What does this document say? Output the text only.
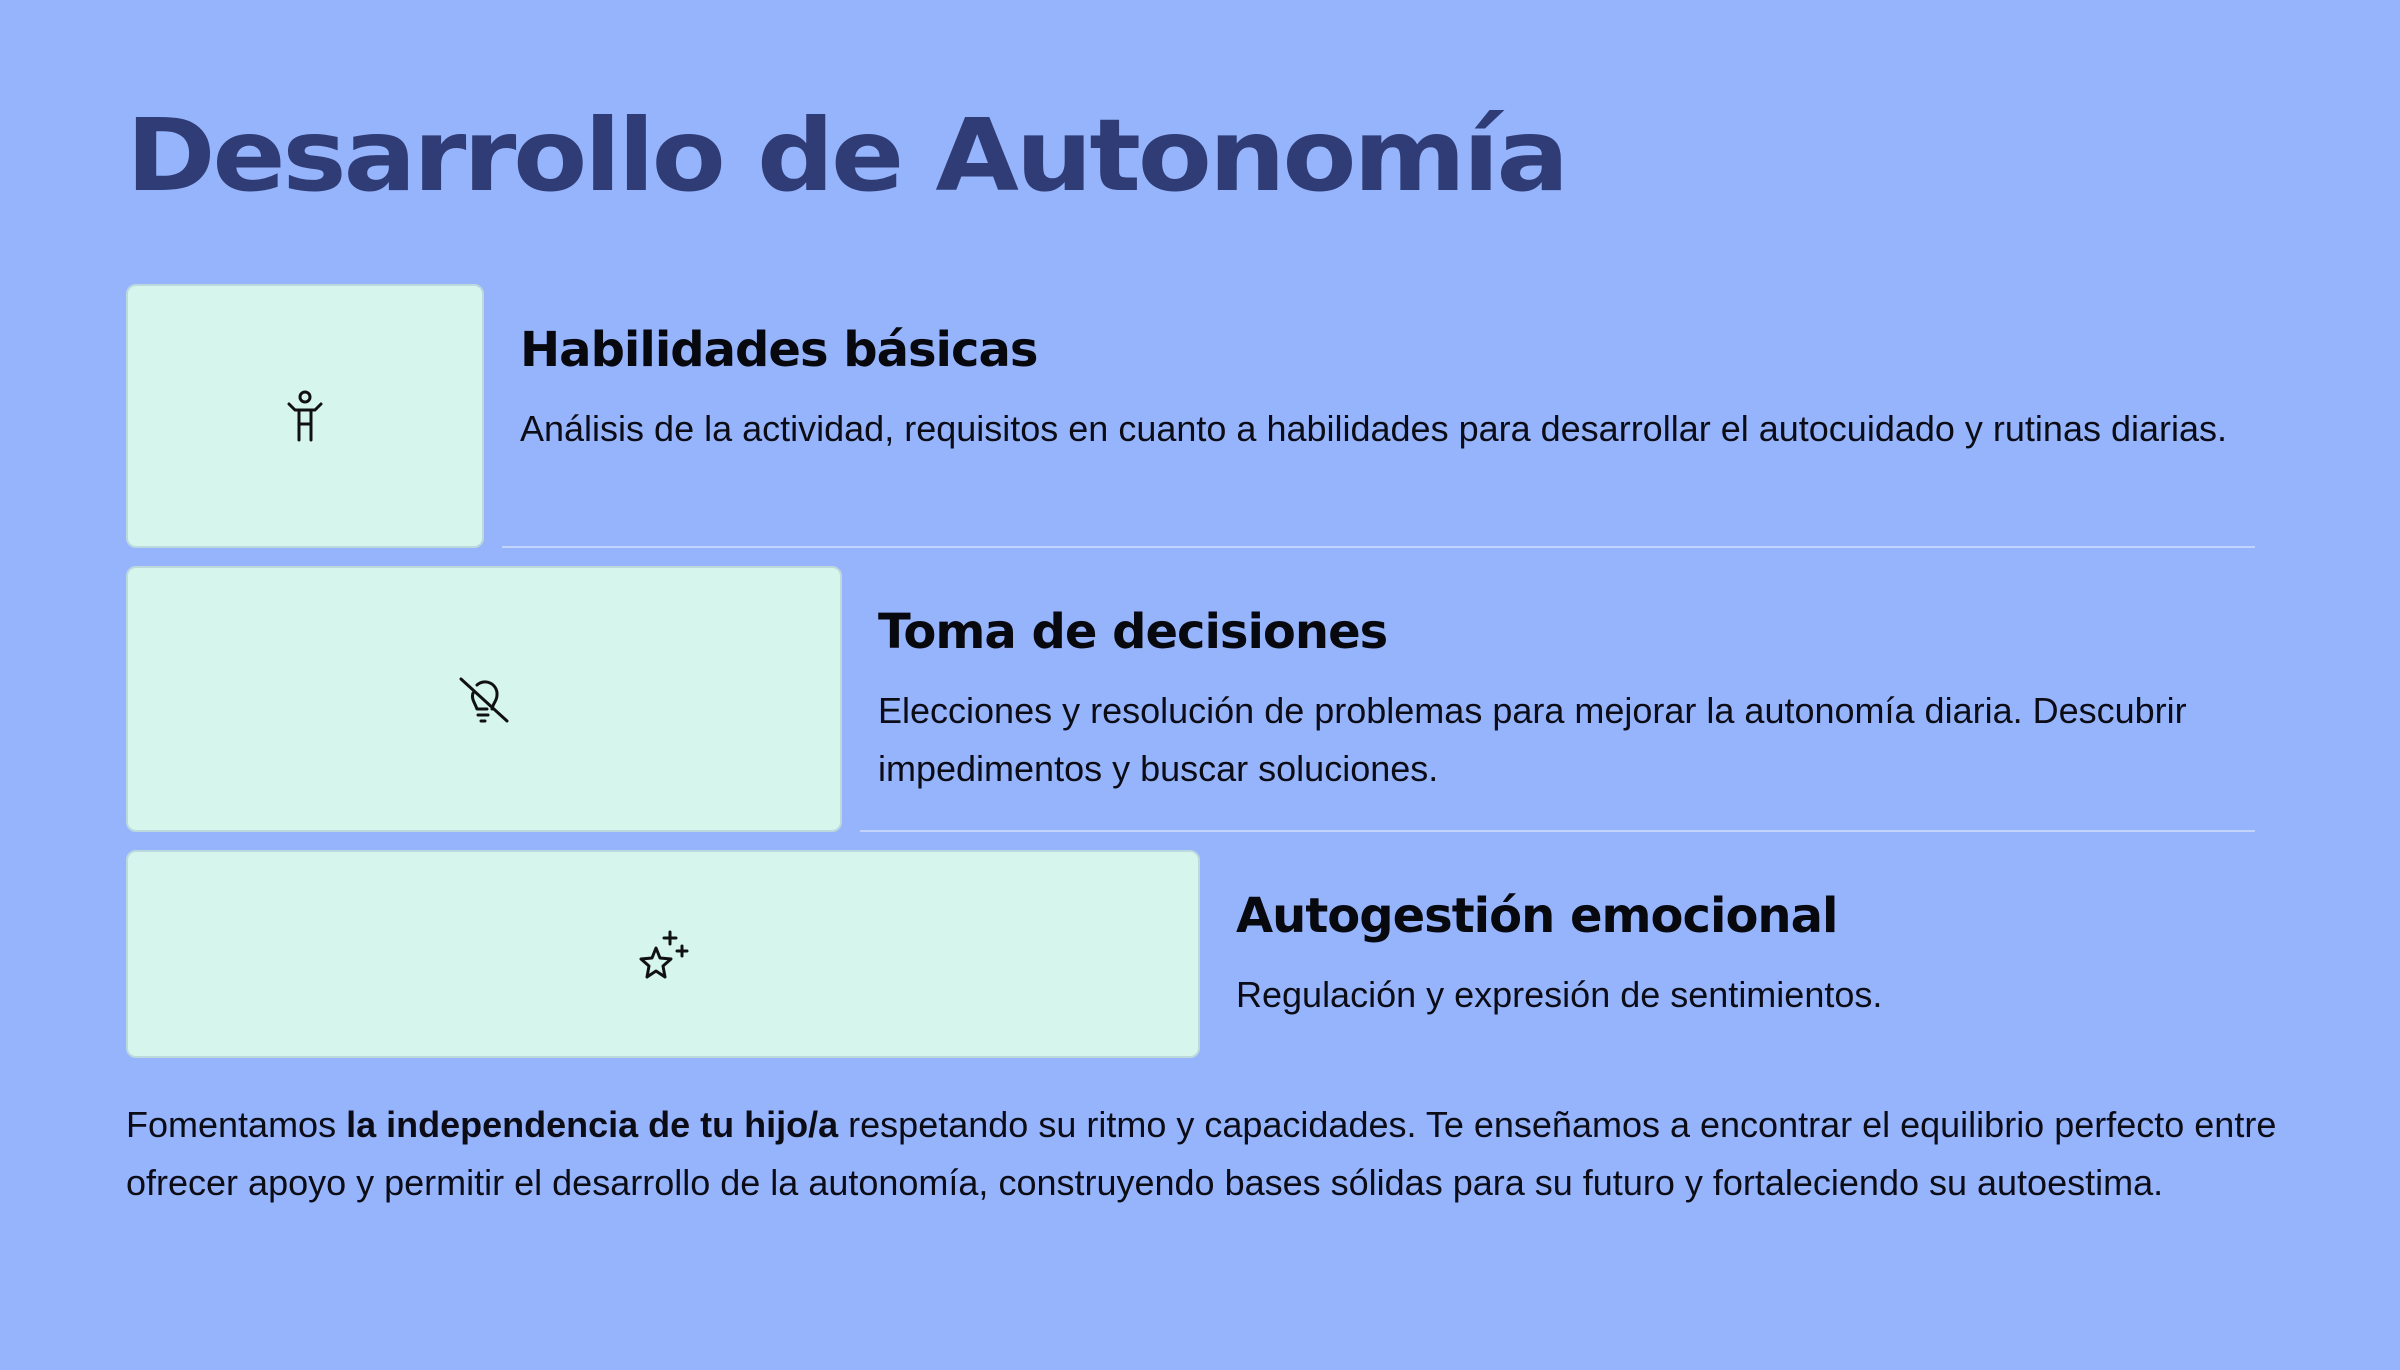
Desarrollo de Autonomía
Habilidades básicas

Análisis de la actividad, requisitos en cuanto a habilidades para desarrollar el autocuidado y rutinas diarias.

Toma de decisiones

Elecciones y resolución de problemas para mejorar la autonomía diaria. Descubrir impedimentos y buscar soluciones.

Autogestión emocional

Regulación y expresión de sentimientos.

Fomentamos la independencia de tu hijo/a respetando su ritmo y capacidades. Te enseñamos a encontrar el equilibrio perfecto entre ofrecer apoyo y permitir el desarrollo de la autonomía, construyendo bases sólidas para su futuro y fortaleciendo su autoestima.
